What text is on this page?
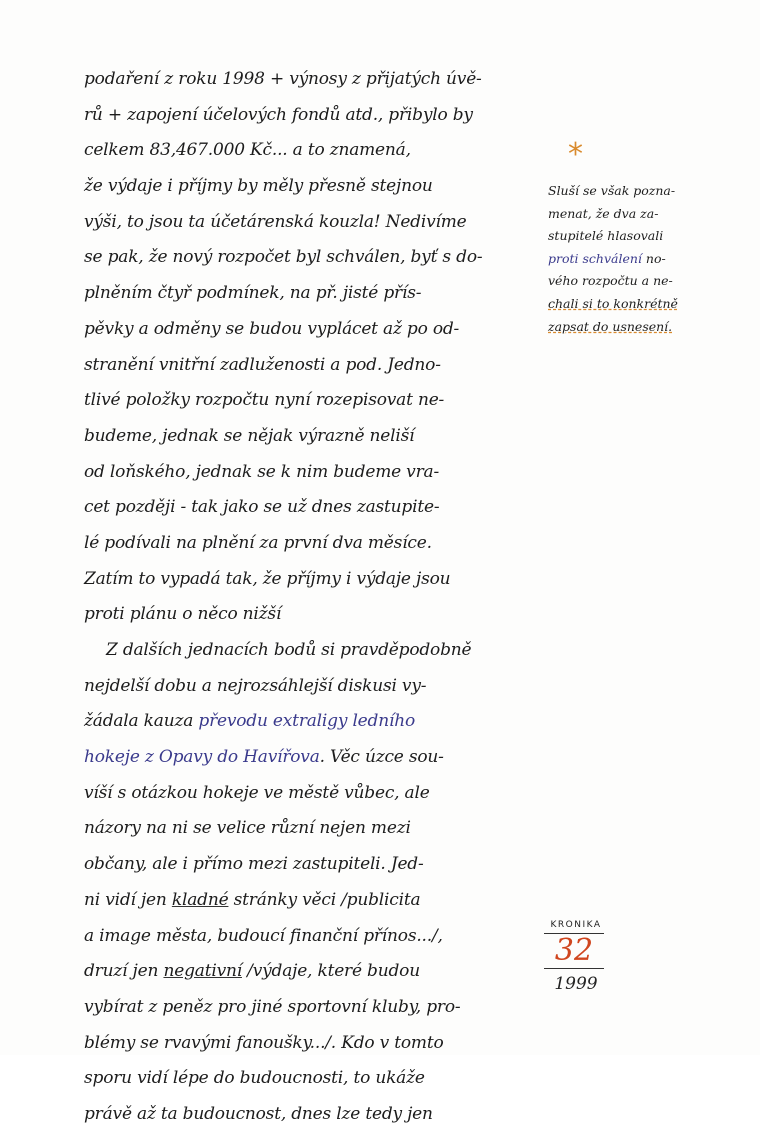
podaření z roku 1998 + výnosy z přijatých úvě-
rů + zapojení účelových fondů atd., přibylo by
celkem 83,467.000 Kč... a to znamená,
že výdaje i příjmy by měly přesně stejnou
výši, to jsou ta účetárenská kouzla! Nedivíme
se pak, že nový rozpočet byl schválen, byť s do-
plněním čtyř podmínek, na př. jisté přís-
pěvky a odměny se budou vyplácet až po od-
stranění vnitřní zadluženosti a pod. Jedno-
tlivé položky rozpočtu nyní rozepisovat ne-
budeme, jednak se nějak výrazně neliší
od loňského, jednak se k nim budeme vra-
cet později - tak jako se už dnes zastupite-
lé podívali na plnění za první dva měsíce.
Zatím to vypadá tak, že příjmy i výdaje jsou
proti plánu o něco nižší
Z dalších jednacích bodů si pravděpodobně
nejdelší dobu a nejrozsáhlejší diskusi vy-
žádala kauza převodu extraligy ledního
hokeje z Opavy do Havířova. Věc úzce sou-
víší s otázkou hokeje ve městě vůbec, ale
názory na ni se velice různí nejen mezi
občany, ale i přímo mezi zastupiteli. Jed-
ni vidí jen kladné stránky věci /publicita
a image města, budoucí finanční přínos.../,
druzí jen negativní /výdaje, které budou
vybírat z peněz pro jiné sportovní kluby, pro-
blémy se rvavými fanoušky.../. Kdo v tomto
sporu vidí lépe do budoucnosti, to ukáže
právě až ta budoucnost, dnes lze tedy jen
*
Sluší se však pozna-
menat, že dva za-
stupitelé hlasovali
proti schválení no-
vého rozpočtu a ne-
chali si to konkrétně
zapsat do usnesení.
KRONIKA
32
1999
